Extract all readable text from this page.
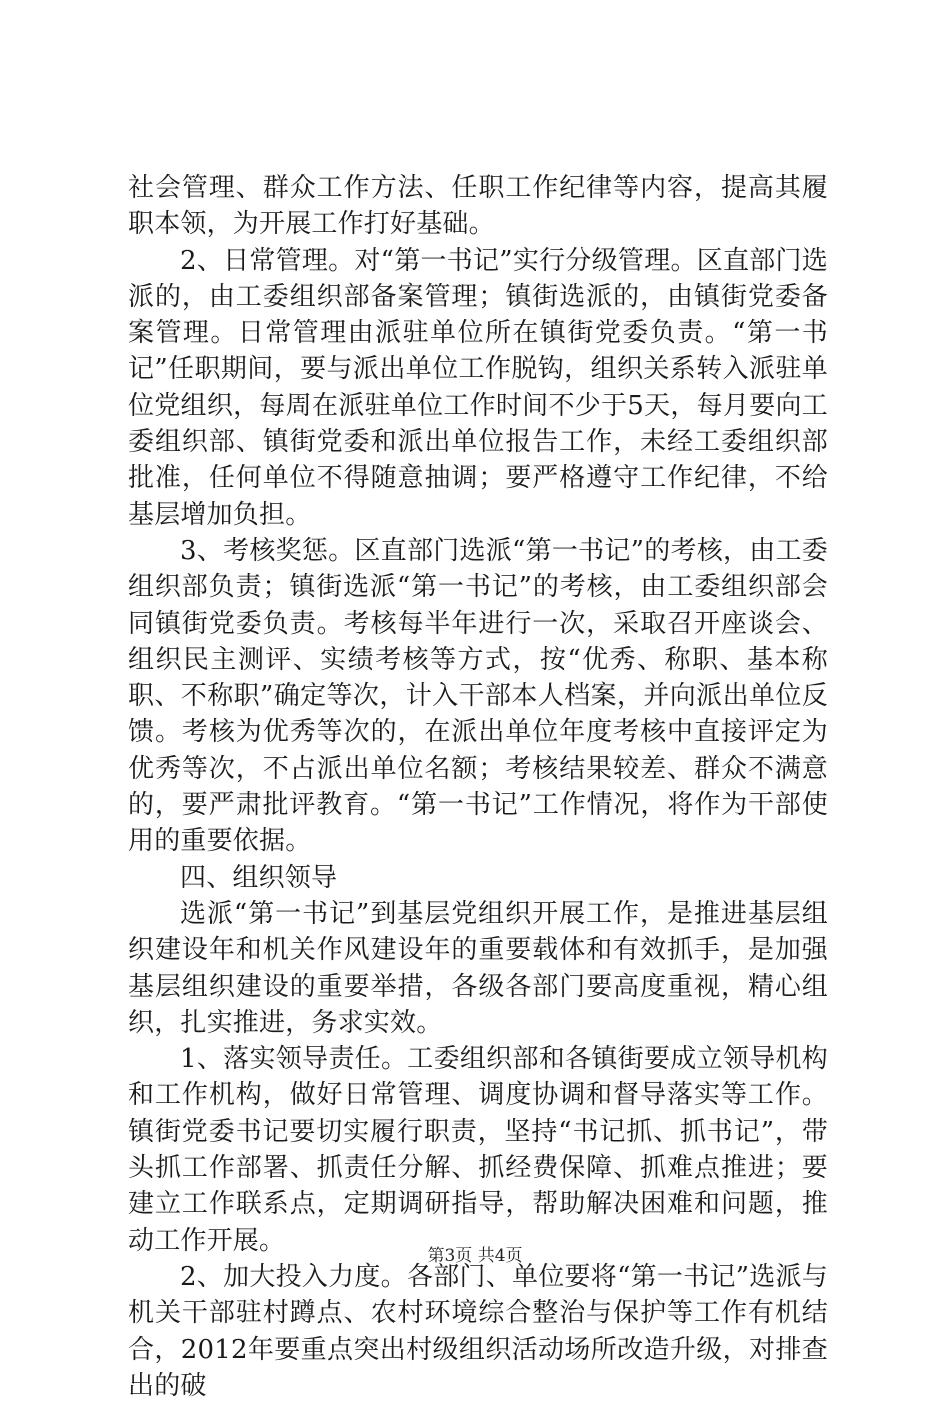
社会管理、群众工作方法、任职工作纪律等内容，提高其履职本领，为开展工作打好基础。

2、日常管理。对“第一书记”实行分级管理。区直部门选派的，由工委组织部备案管理；镇街选派的，由镇街党委备案管理。日常管理由派驻单位所在镇街党委负责。“第一书记”任职期间，要与派出单位工作脱钩，组织关系转入派驻单位党组织，每周在派驻单位工作时间不少于5天，每月要向工委组织部、镇街党委和派出单位报告工作，未经工委组织部批准，任何单位不得随意抽调；要严格遵守工作纪律，不给基层增加负担。

3、考核奖惩。区直部门选派“第一书记”的考核，由工委组织部负责；镇街选派“第一书记”的考核，由工委组织部会同镇街党委负责。考核每半年进行一次，采取召开座谈会、组织民主测评、实绩考核等方式，按“优秀、称职、基本称职、不称职”确定等次，计入干部本人档案，并向派出单位反馈。考核为优秀等次的，在派出单位年度考核中直接评定为优秀等次，不占派出单位名额；考核结果较差、群众不满意的，要严肃批评教育。“第一书记”工作情况，将作为干部使用的重要依据。

四、组织领导

选派“第一书记”到基层党组织开展工作，是推进基层组织建设年和机关作风建设年的重要载体和有效抓手，是加强基层组织建设的重要举措，各级各部门要高度重视，精心组织，扎实推进，务求实效。

1、落实领导责任。工委组织部和各镇街要成立领导机构和工作机构，做好日常管理、调度协调和督导落实等工作。镇街党委书记要切实履行职责，坚持“书记抓、抓书记”，带头抓工作部署、抓责任分解、抓经费保障、抓难点推进；要建立工作联系点，定期调研指导，帮助解决困难和问题，推动工作开展。

2、加大投入力度。各部门、单位要将“第一书记”选派与机关干部驻村蹲点、农村环境综合整治与保护等工作有机结合，2012年要重点突出村级组织活动场所改造升级，对排查出的破

第3页 共4页
